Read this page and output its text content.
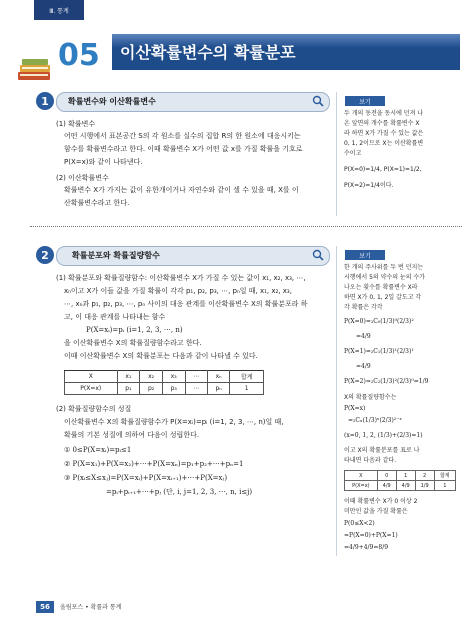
Ⅲ. 통계
05	이산확률변수의 확률분포
1	확률변수와 이산확률변수
(1) 확률변수
어떤 시행에서 표본공간 S의 각 원소를 실수의 집합 R의 한 원소에 대응시키는
함수를 확률변수라고 한다. 이때 확률변수 X가 어떤 값 x를 가질 확률을 기호로
P(X=x)와 같이 나타낸다.
(2) 이산확률변수
확률변수 X가 가지는 값이 유한개이거나 자연수와 같이 셀 수 있을 때, X를 이
산확률변수라고 한다.
보기
두 개의 동전을 동시에 던져 나
온 앞면의 개수를 확률변수 X
라 하면 X가 가질 수 있는 값은
0, 1, 2이므로 X는 이산확률변
수이고
P(X=0)=1/4, P(X=1)=1/2,
P(X=2)=1/4이다.
2	확률분포와 확률질량함수
(1) 확률분포와 확률질량함수: 이산확률변수 X가 가질 수 있는 값이 x₁, x₂, x₃, ⋯,
xₙ이고 X가 이들 값을 가질 확률이 각각 p₁, p₂, p₃, ⋯, pₙ일 때, x₁, x₂, x₃,
⋯, xₙ과 p₁, p₂, p₃, ⋯, pₙ 사이의 대응 관계를 이산확률변수 X의 확률분포라 하
고, 이 대응 관계를 나타내는 함수
P(X=xᵢ)=pᵢ (i=1, 2, 3, ⋯, n)
을 이산확률변수 X의 확률질량함수라고 한다.
이때 이산확률변수 X의 확률분포는 다음과 같이 나타낼 수 있다.
X	x₁	x₂	x₃	⋯	xₙ	합계
P(X=x)	p₁	p₂	p₃	⋯	pₙ	1
(2) 확률질량함수의 성질
이산확률변수 X의 확률질량함수가 P(X=xᵢ)=pᵢ (i=1, 2, 3, ⋯, n)일 때,
확률의 기본 성질에 의하여 다음이 성립한다.
① 0≤P(X=xᵢ)=pᵢ≤1
② P(X=x₁)+P(X=x₂)+⋯+P(X=xₙ)=p₁+p₂+⋯+pₙ=1
③ P(xᵢ≤X≤xⱼ)=P(X=xᵢ)+P(X=xᵢ₊₁)+⋯+P(X=xⱼ)
=pᵢ+pᵢ₊₁+⋯+pⱼ (단, i, j=1, 2, 3, ⋯, n, i≤j)
보기
한 개의 주사위를 두 번 던지는
시행에서 5의 약수의 눈의 수가
나오는 횟수를 확률변수 X라
하면 X가 0, 1, 2일 갈도고 각
각 확률은 각각
P(X=0)=₂C₀(1/3)⁰(2/3)²
=4/9
P(X=1)=₂C₁(1/3)¹(2/3)¹
=4/9
P(X=2)=₂C₂(1/3)²(2/3)⁰=1/9
X의 확률질량함수는
P(X=x)
=₂Cₓ(1/3)ˣ(2/3)²⁻ˣ
(x=0, 1, 2, (1/3)+(2/3)=1)
이고 X의 확률분포를 표로 나
타내면 다음과 같다.
X	0	1	2	합계
P(X=x)	4/9	4/9	1/9	1
이때 확률변수 X가 0 이상 2
미만인 값을 가질 확률은
P(0≤X<2)
=P(X=0)+P(X=1)
=4/9+4/9=8/9
56	올림포스 • 확률과 통계
